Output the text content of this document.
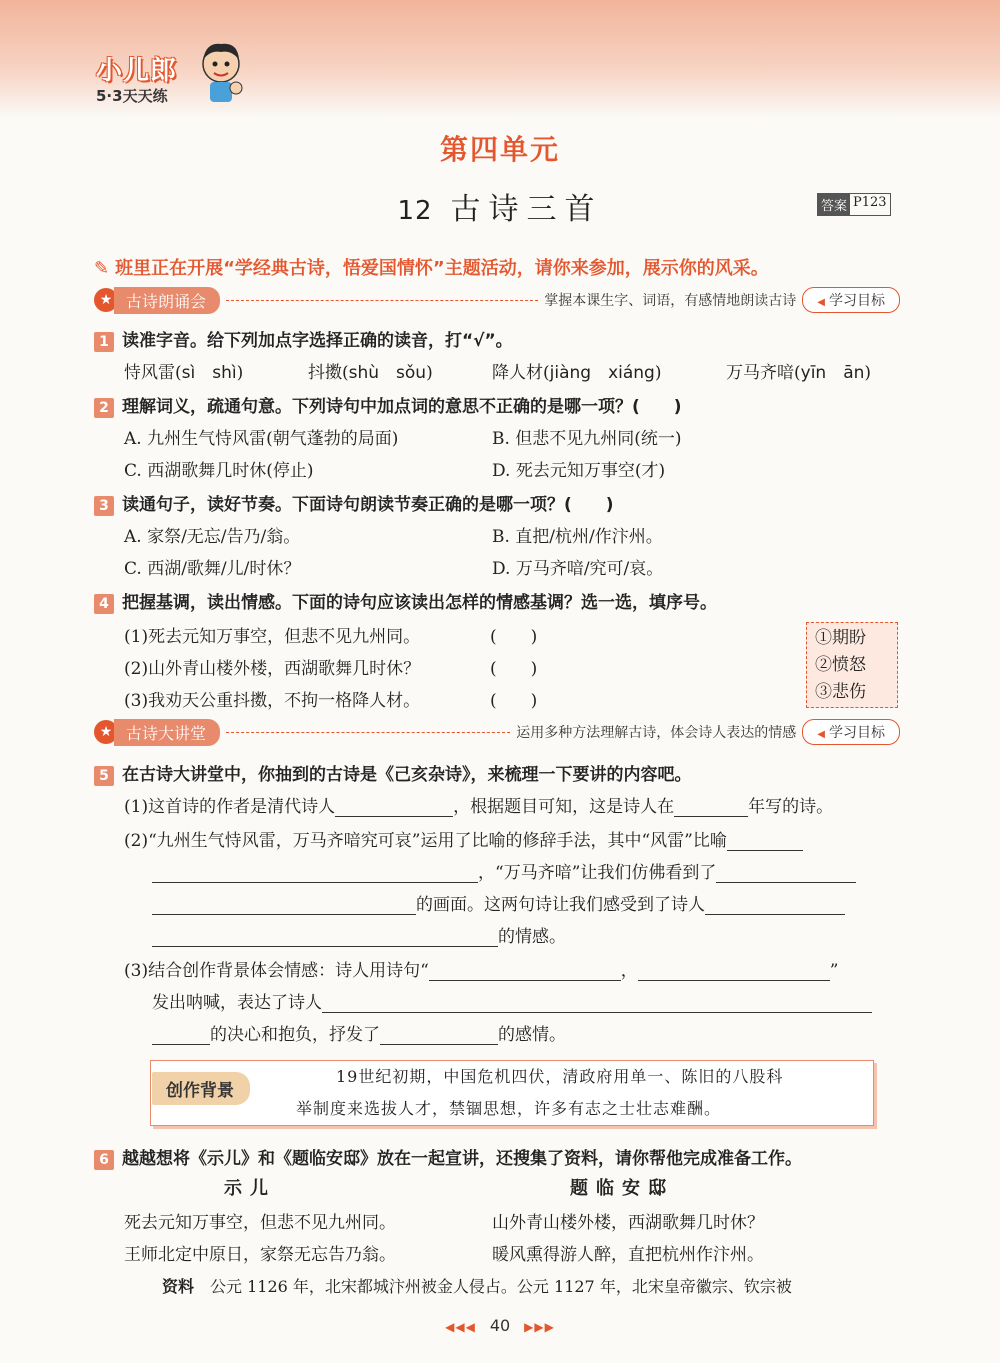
小儿郎
5·3天天练
第四单元
12 古诗三首	答案 P123
✎ 班里正在开展“学经典古诗，悟爱国情怀”主题活动，请你来参加，展示你的风采。
★ 古诗朗诵会	掌握本课生字、词语，有感情地朗读古诗	◀ 学习目标
1 读准字音。给下列加点字选择正确的读音，打“√”。
恃风雷(sì　shì)	抖擞(shù　sǒu)	降人材(jiàng　xiáng)	万马齐喑(yīn　ān)
2 理解词义，疏通句意。下列诗句中加点词的意思不正确的是哪一项？(　　)
A. 九州生气恃风雷(朝气蓬勃的局面)	B. 但悲不见九州同(统一)
C. 西湖歌舞几时休(停止)	D. 死去元知万事空(才)
3 读通句子，读好节奏。下面诗句朗读节奏正确的是哪一项？(　　)
A. 家祭/无忘/告乃/翁。	B. 直把/杭州/作汴州。
C. 西湖/歌舞/儿/时休？	D. 万马齐喑/究可/哀。
4 把握基调，读出情感。下面的诗句应该读出怎样的情感基调？选一选，填序号。
(1)死去元知万事空，但悲不见九州同。	(　　)
(2)山外青山楼外楼，西湖歌舞几时休？	(　　)
(3)我劝天公重抖擞，不拘一格降人材。	(　　)
①期盼
②愤怒
③悲伤
★ 古诗大讲堂	运用多种方法理解古诗，体会诗人表达的情感	◀ 学习目标
5 在古诗大讲堂中，你抽到的古诗是《己亥杂诗》，来梳理一下要讲的内容吧。
(1)这首诗的作者是清代诗人	，根据题目可知，这是诗人在	年写的诗。
(2)“九州生气恃风雷，万马齐喑究可哀”运用了比喻的修辞手法，其中“风雷”比喻
，“万马齐喑”让我们仿佛看到了
的画面。这两句诗让我们感受到了诗人
的情感。
(3)结合创作背景体会情感：诗人用诗句“	，	”
发出呐喊，表达了诗人
的决心和抱负，抒发了	的感情。
创作背景
19世纪初期，中国危机四伏，清政府用单一、陈旧的八股科
举制度来选拔人才，禁锢思想，许多有志之士壮志难酬。
6 越越想将《示儿》和《题临安邸》放在一起宣讲，还搜集了资料，请你帮他完成准备工作。
示儿	题临安邸
死去元知万事空，但悲不见九州同。	山外青山楼外楼，西湖歌舞几时休？
王师北定中原日，家祭无忘告乃翁。	暖风熏得游人醉，直把杭州作汴州。
资料　 公元 1126 年，北宋都城汴州被金人侵占。公元 1127 年，北宋皇帝徽宗、钦宗被
◀◀◀ 40 ▶▶▶
